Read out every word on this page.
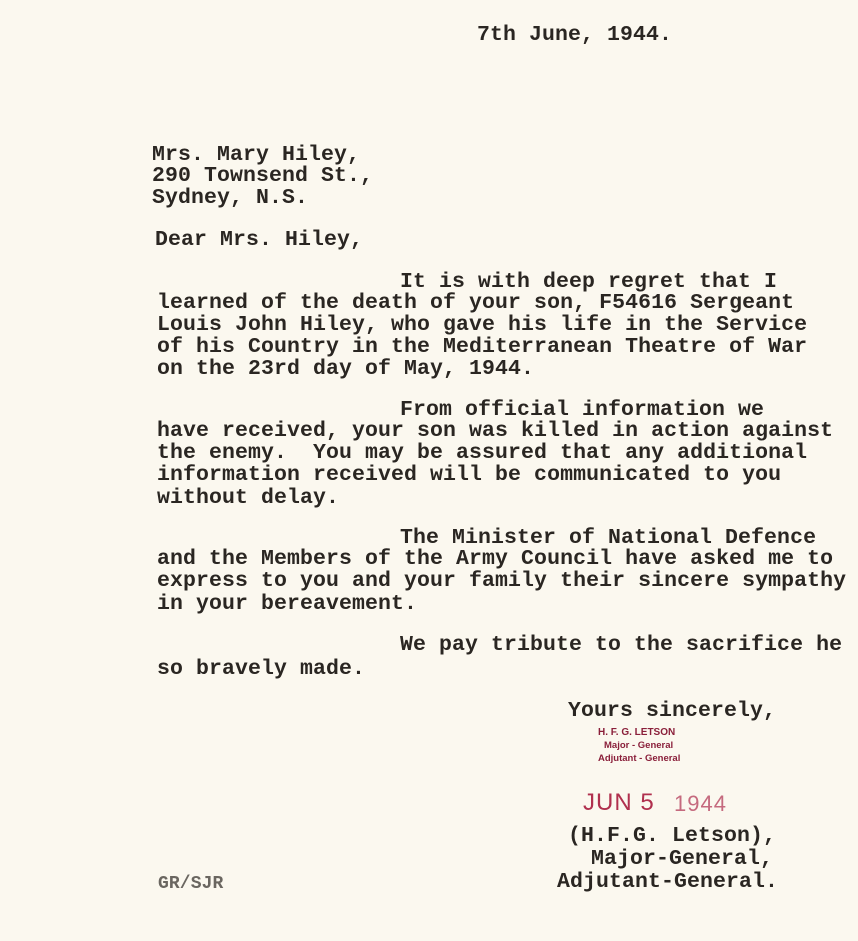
7th June, 1944.
Mrs. Mary Hiley,
290 Townsend St.,
Sydney, N.S.
Dear Mrs. Hiley,
It is with deep regret that I
learned of the death of your son, F54616 Sergeant
Louis John Hiley, who gave his life in the Service
of his Country in the Mediterranean Theatre of War
on the 23rd day of May, 1944.
From official information we
have received, your son was killed in action against
the enemy.  You may be assured that any additional
information received will be communicated to you
without delay.
The Minister of National Defence
and the Members of the Army Council have asked me to
express to you and your family their sincere sympathy
in your bereavement.
We pay tribute to the sacrifice he
so bravely made.
Yours sincerely,
H. F. G. LETSON
Major - General
Adjutant - General
JUN 5 1944
(H.F.G. Letson),
Major-General,
Adjutant-General.
GR/SJR
